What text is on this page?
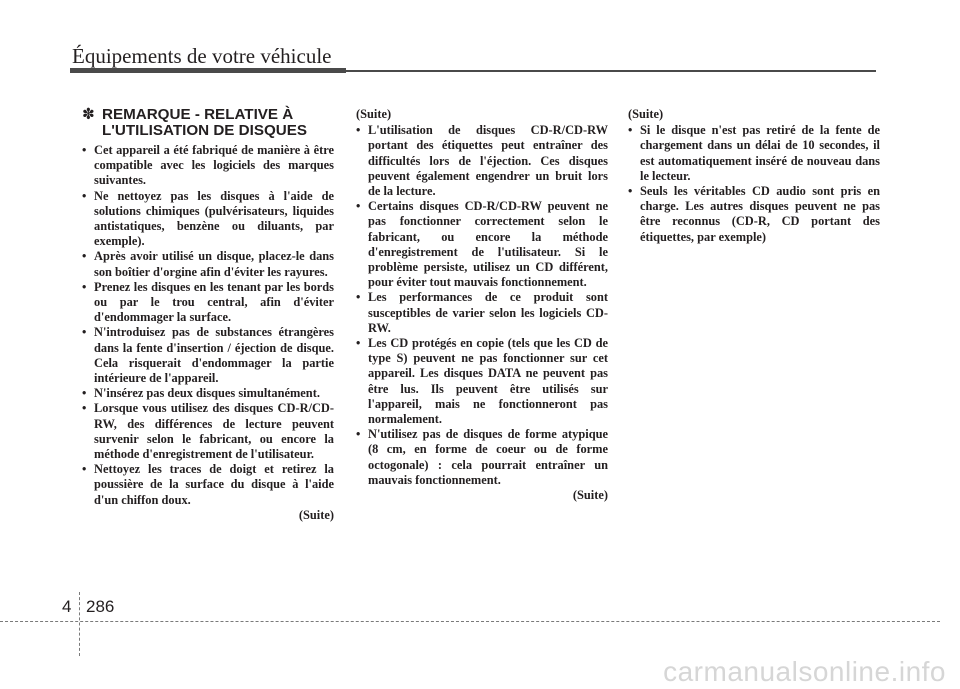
Équipements de votre véhicule
✽ REMARQUE - RELATIVE À
L'UTILISATION DE DISQUES
• Cet appareil a été fabriqué de manière à être compatible avec les logiciels des marques suivantes.
• Ne nettoyez pas les disques à l'aide de solutions chimiques (pulvérisateurs, liquides antistatiques, benzène ou diluants, par exemple).
• Après avoir utilisé un disque, placez-le dans son boîtier d'orgine afin d'éviter les rayures.
• Prenez les disques en les tenant par les bords ou par le trou central, afin d'éviter d'endommager la surface.
• N'introduisez pas de substances étrangères dans la fente d'insertion / éjection de disque. Cela risquerait d'endommager la partie intérieure de l'appareil.
• N'insérez pas deux disques simultanément.
• Lorsque vous utilisez des disques CD-R/CD-RW, des différences de lecture peuvent survenir selon le fabricant, ou encore la méthode d'enregistrement de l'utilisateur.
• Nettoyez les traces de doigt et retirez la poussière de la surface du disque à l'aide d'un chiffon doux.
(Suite)
(Suite)
• L'utilisation de disques CD-R/CD-RW portant des étiquettes peut entraîner des difficultés lors de l'éjection. Ces disques peuvent également engendrer un bruit lors de la lecture.
• Certains disques CD-R/CD-RW peuvent ne pas fonctionner correctement selon le fabricant, ou encore la méthode d'enregistrement de l'utilisateur. Si le problème persiste, utilisez un CD différent, pour éviter tout mauvais fonctionnement.
• Les performances de ce produit sont susceptibles de varier selon les logiciels CD-RW.
• Les CD protégés en copie (tels que les CD de type S) peuvent ne pas fonctionner sur cet appareil. Les disques DATA ne peuvent pas être lus. Ils peuvent être utilisés sur l'appareil, mais ne fonctionneront pas normalement.
• N'utilisez pas de disques de forme atypique (8 cm, en forme de coeur ou de forme octogonale) : cela pourrait entraîner un mauvais fonctionnement.
(Suite)
(Suite)
• Si le disque n'est pas retiré de la fente de chargement dans un délai de 10 secondes, il est automatiquement inséré de nouveau dans le lecteur.
• Seuls les véritables CD audio sont pris en charge. Les autres disques peuvent ne pas être reconnus (CD-R, CD portant des étiquettes, par exemple)
4 286
carmanualsonline.info
